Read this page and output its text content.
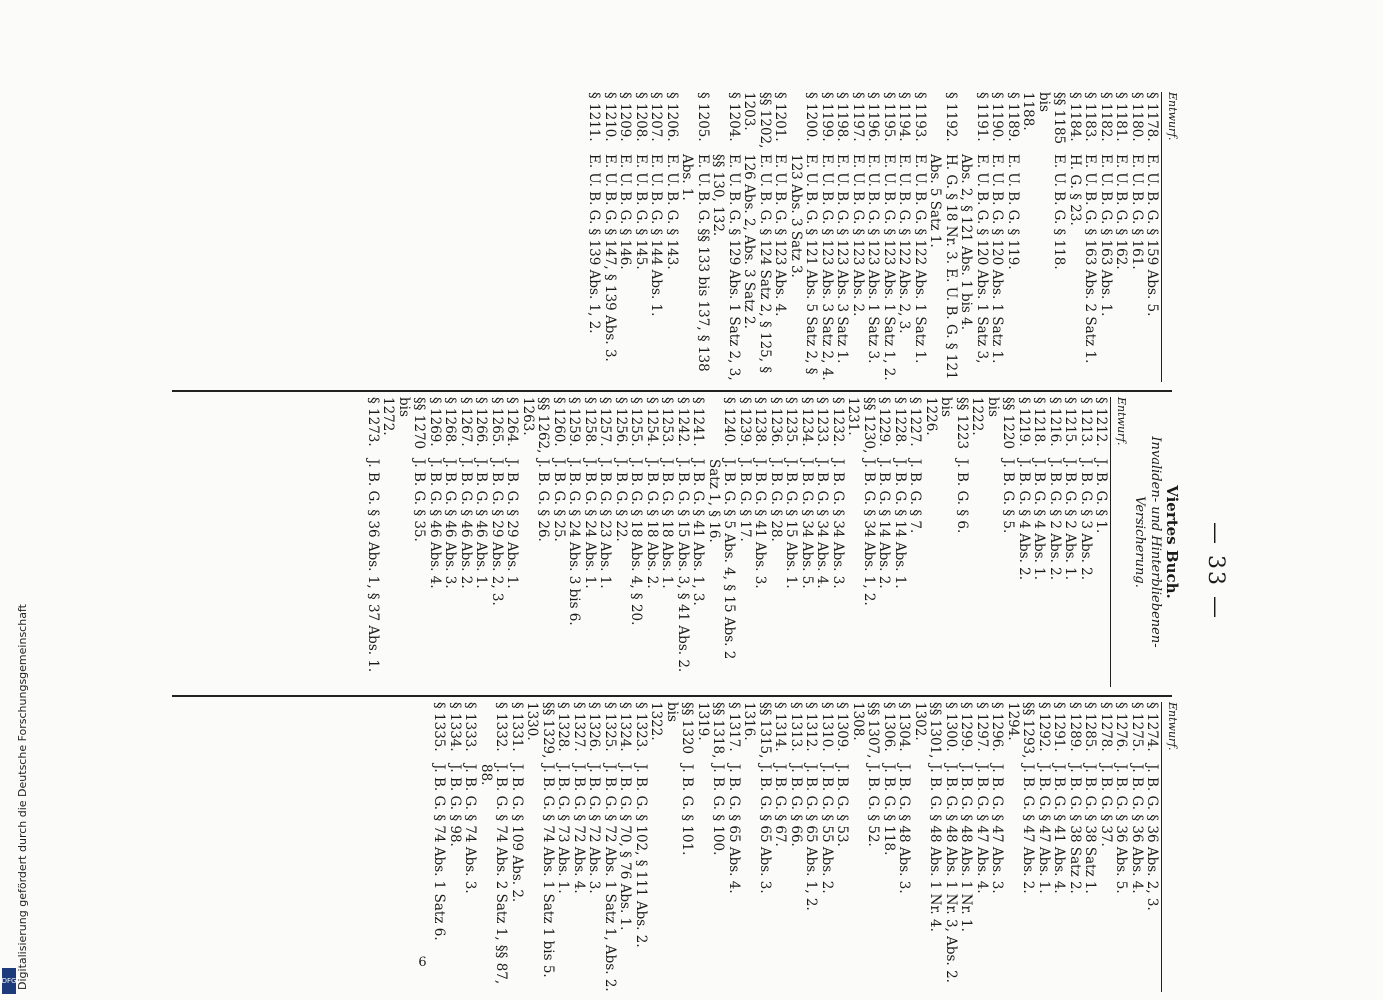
— 33 —
Entwurf.
§ 1178.
E. U. B. G. § 159 Abs. 5.
§ 1180.
E. U. B. G. § 161.
§ 1181.
E. U. B. G. § 162.
§ 1182.
E. U. B. G. § 163 Abs. 1.
§ 1183.
E. U. B. G. § 163 Abs. 2 Satz 1.
§ 1184.
H. G. § 23.
§§ 1185 bis 1188.
E. U. B. G. § 118.
§ 1189.
E. U. B. G. § 119.
§ 1190.
E. U. B. G. § 120 Abs. 1 Satz 1.
§ 1191.
E. U. B. G. § 120 Abs. 1 Satz 3, Abs. 2, § 121 Abs. 1 bis 4.
§ 1192.
H. G. § 18 Nr. 3. E. U. B. G. § 121 Abs. 5 Satz 1.
§ 1193.
E. U. B. G. § 122 Abs. 1 Satz 1.
§ 1194.
E. U. B. G. § 122 Abs. 2, 3.
§ 1195.
E. U. B. G. § 123 Abs. 1 Satz 1, 2.
§ 1196.
E. U. B. G. § 123 Abs. 1 Satz 3.
§ 1197.
E. U. B. G. § 123 Abs. 2.
§ 1198.
E. U. B. G. § 123 Abs. 3 Satz 1.
§ 1199.
E. U. B. G. § 123 Abs. 3 Satz 2, 4.
§ 1200.
E. U. B. G. § 121 Abs. 5 Satz 2, § 123 Abs. 3 Satz 3.
§ 1201.
E. U. B. G. § 123 Abs. 4.
§§ 1202, 1203.
E. U. B. G. § 124 Satz 2, § 125, § 126 Abs. 2, Abs. 3 Satz 2.
§ 1204.
E. U. B. G. § 129 Abs. 1 Satz 2, 3, §§ 130, 132.
§ 1205.
E. U. B. G. §§ 133 bis 137, § 138 Abs. 1.
§ 1206.
E. U. B. G. § 143.
§ 1207.
E. U. B. G. § 144 Abs. 1.
§ 1208.
E. U. B. G. § 145.
§ 1209.
E. U. B. G. § 146.
§ 1210.
E. U. B. G. § 147, § 139 Abs. 3.
§ 1211.
E. U. B. G. § 139 Abs. 1, 2.
Viertes Buch.
Invaliden- und Hinterbliebenen-Versicherung.
Entwurf.
§ 1212.
J. B. G. § 1.
§ 1213.
J. B. G. § 3 Abs. 2.
§ 1215.
J. B. G. § 2 Abs. 1.
§ 1216.
J. B. G. § 2 Abs. 2.
§ 1218.
J. B. G. § 4 Abs. 1.
§ 1219.
J. B. G. § 4 Abs. 2.
§§ 1220 bis 1222.
J. B. G. § 5.
§§ 1223 bis 1226.
J. B. G. § 6.
§ 1227.
J. B. G. § 7.
§ 1228.
J. B. G. § 14 Abs. 1.
§ 1229.
J. B. G. § 14 Abs. 2.
§§ 1230, 1231.
J. B. G. § 34 Abs. 1, 2.
§ 1232.
J. B. G. § 34 Abs. 3.
§ 1233.
J. B. G. § 34 Abs. 4.
§ 1234.
J. B. G. § 34 Abs. 5.
§ 1235.
J. B. G. § 15 Abs. 1.
§ 1236.
J. B. G. § 28.
§ 1238.
J. B. G. § 41 Abs. 3.
§ 1239.
J. B. G. § 17.
§ 1240.
J. B. G. § 5 Abs. 4, § 15 Abs. 2 Satz 1, § 16.
§ 1241.
J. B. G. § 41 Abs. 1, 3.
§ 1242.
J. B. G. § 15 Abs. 3, § 41 Abs. 2.
§ 1253.
J. B. G. § 18 Abs. 1.
§ 1254.
J. B. G. § 18 Abs. 2.
§ 1255.
J. B. G. § 18 Abs. 4, § 20.
§ 1256.
J. B. G. § 22.
§ 1257.
J. B. G. § 23 Abs. 1.
§ 1258.
J. B. G. § 24 Abs. 1.
§ 1259.
J. B. G. § 24 Abs. 3 bis 6.
§ 1260.
J. B. G. § 25.
§§ 1262, 1263.
J. B. G. § 26.
§ 1264.
J. B. G. § 29 Abs. 1.
§ 1265.
J. B. G. § 29 Abs. 2, 3.
§ 1266.
J. B. G. § 46 Abs. 1.
§ 1267.
J. B. G. § 46 Abs. 2.
§ 1268.
J. B. G. § 46 Abs. 3.
§ 1269.
J. B. G. § 46 Abs. 4.
§§ 1270 bis 1272.
J. B. G. § 35.
§ 1273.
J. B. G. § 36 Abs. 1, § 37 Abs. 1.
Entwurf.
§ 1274.
J. B. G. § 36 Abs. 2, 3.
§ 1275.
J. B. G. § 36 Abs. 4.
§ 1276.
J. B. G. § 36 Abs. 5.
§ 1278.
J. B. G. § 37.
§ 1285.
J. B. G. § 38 Satz 1.
§ 1289.
J. B. G. § 38 Satz 2.
§ 1291.
J. B. G. § 41 Abs. 4.
§ 1292.
J. B. G. § 47 Abs. 1.
§§ 1293, 1294.
J. B. G. § 47 Abs. 2.
§ 1296.
J. B. G. § 47 Abs. 3.
§ 1297.
J. B. G. § 47 Abs. 4.
§ 1299.
J. B. G. § 48 Abs. 1 Nr. 1.
§ 1300.
J. B. G. § 48 Abs. 1 Nr. 3, Abs. 2.
§§ 1301, 1302.
J. B. G. § 48 Abs. 1 Nr. 4.
§ 1304.
J. B. G. § 48 Abs. 3.
§ 1306.
J. B. G. § 118.
§§ 1307, 1308.
J. B. G. § 52.
§ 1309.
J. B. G. § 53.
§ 1310.
J. B. G. § 55 Abs. 2.
§ 1312.
J. B. G. § 65 Abs. 1, 2.
§ 1313.
J. B. G. § 66.
§ 1314.
J. B. G. § 67.
§§ 1315, 1316.
J. B. G. § 65 Abs. 3.
§ 1317.
J. B. G. § 65 Abs. 4.
§§ 1318, 1319.
J. B. G. § 100.
§§ 1320 bis 1322.
J. B. G. § 101.
§ 1323.
J. B. G. § 102, § 111 Abs. 2.
§ 1324.
J. B. G. § 70, § 76 Abs. 1.
§ 1325.
J. B. G. § 72 Abs. 1 Satz 1, Abs. 2.
§ 1326.
J. B. G. § 72 Abs. 3.
§ 1327.
J. B. G. § 72 Abs. 4.
§ 1328.
J. B. G. § 73 Abs. 1.
§§ 1329, 1330.
J. B. G. § 74 Abs. 1 Satz 1 bis 5.
§ 1331.
J. B. G. § 109 Abs. 2.
§ 1332.
J. B. G. § 74 Abs. 2 Satz 1, §§ 87, 88.
§ 1333.
J. B. G. § 74 Abs. 3.
§ 1334.
J. B. G. § 98.
§ 1335.
J. B. G. § 74 Abs. 1 Satz 6.
9
Digitalisierung gefördert durch die Deutsche Forschungsgemeinschaft
DFG
